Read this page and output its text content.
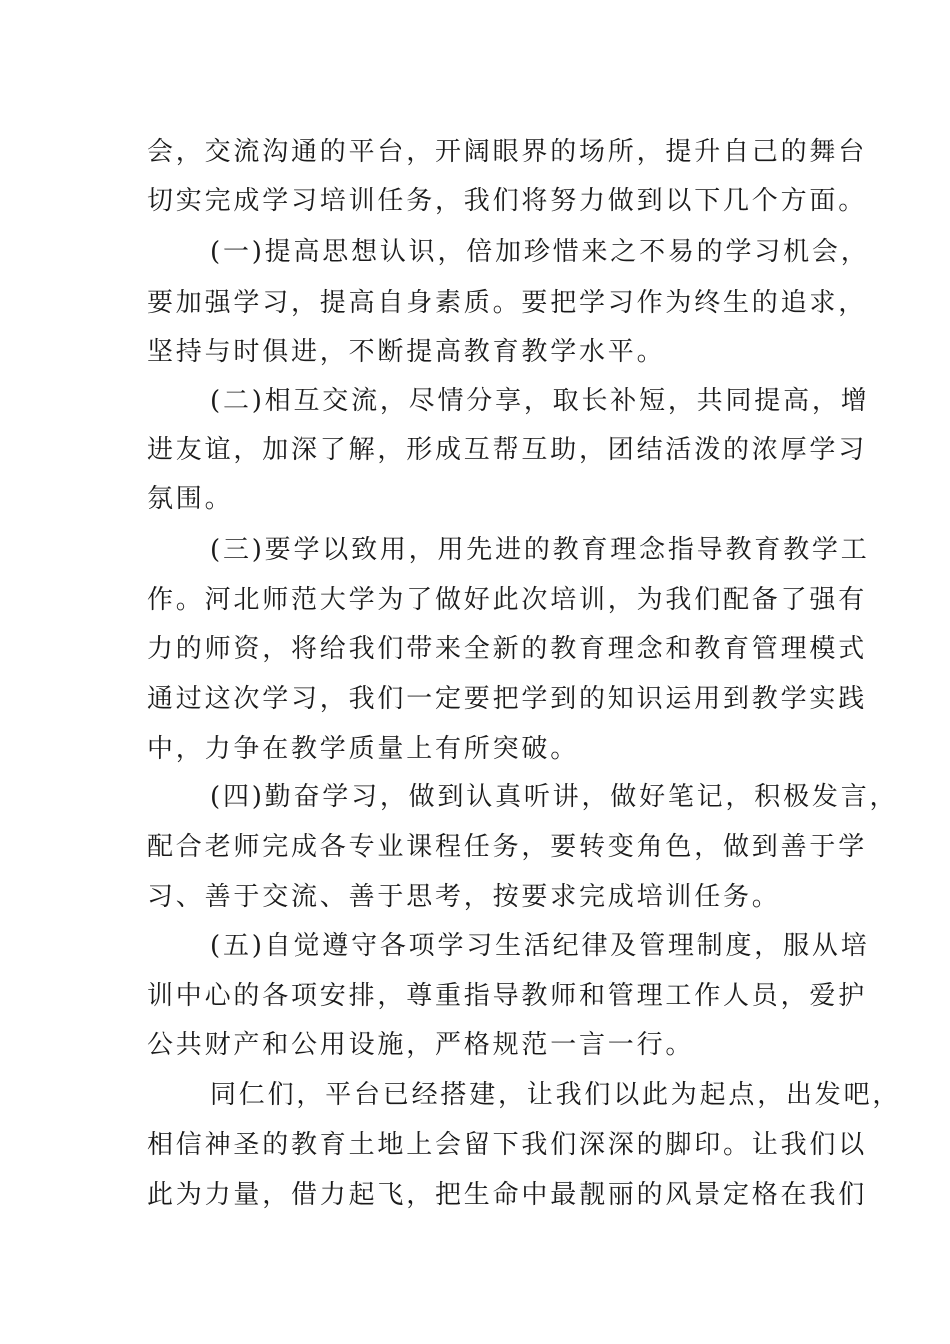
会，交流沟通的平台，开阔眼界的场所，提升自己的舞台
切实完成学习培训任务，我们将努力做到以下几个方面。
(一)提高思想认识，倍加珍惜来之不易的学习机会，
要加强学习，提高自身素质。要把学习作为终生的追求，
坚持与时俱进，不断提高教育教学水平。
(二)相互交流，尽情分享，取长补短，共同提高，增
进友谊，加深了解，形成互帮互助，团结活泼的浓厚学习
氛围。
(三)要学以致用，用先进的教育理念指导教育教学工
作。河北师范大学为了做好此次培训，为我们配备了强有
力的师资，将给我们带来全新的教育理念和教育管理模式
通过这次学习，我们一定要把学到的知识运用到教学实践
中，力争在教学质量上有所突破。
(四)勤奋学习，做到认真听讲，做好笔记，积极发言，
配合老师完成各专业课程任务，要转变角色，做到善于学
习、善于交流、善于思考，按要求完成培训任务。
(五)自觉遵守各项学习生活纪律及管理制度，服从培
训中心的各项安排，尊重指导教师和管理工作人员，爱护
公共财产和公用设施，严格规范一言一行。
同仁们，平台已经搭建，让我们以此为起点，出发吧，
相信神圣的教育土地上会留下我们深深的脚印。让我们以
此为力量，借力起飞，把生命中最靓丽的风景定格在我们
